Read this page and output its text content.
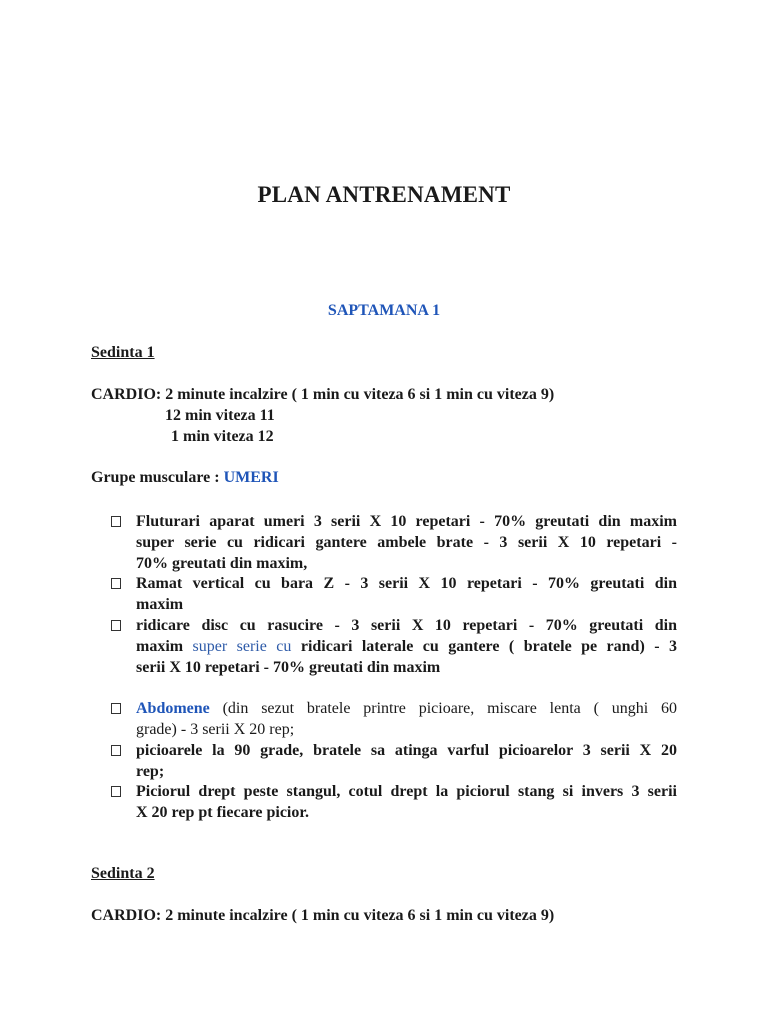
PLAN ANTRENAMENT
SAPTAMANA 1
Sedinta 1
CARDIO: 2 minute incalzire ( 1 min cu viteza 6 si 1 min cu viteza 9)
12 min viteza 11
1 min viteza 12
Grupe musculare : UMERI
Fluturari aparat umeri 3 serii X 10 repetari - 70% greutati din maxim
super serie cu ridicari gantere ambele brate - 3 serii X 10 repetari -
70% greutati din maxim,
Ramat vertical cu bara Z - 3 serii X 10 repetari - 70% greutati din
maxim
ridicare disc cu rasucire - 3 serii X 10 repetari - 70% greutati din
maxim super serie cu ridicari laterale cu gantere ( bratele pe rand) - 3
serii X 10 repetari - 70% greutati din maxim
Abdomene (din sezut bratele printre picioare, miscare lenta ( unghi 60
grade) - 3 serii X 20 rep;
picioarele la 90 grade, bratele sa atinga varful picioarelor 3 serii X 20
rep;
Piciorul drept peste stangul, cotul drept la piciorul stang si invers 3 serii
X 20 rep pt fiecare picior.
Sedinta 2
CARDIO: 2 minute incalzire ( 1 min cu viteza 6 si 1 min cu viteza 9)
